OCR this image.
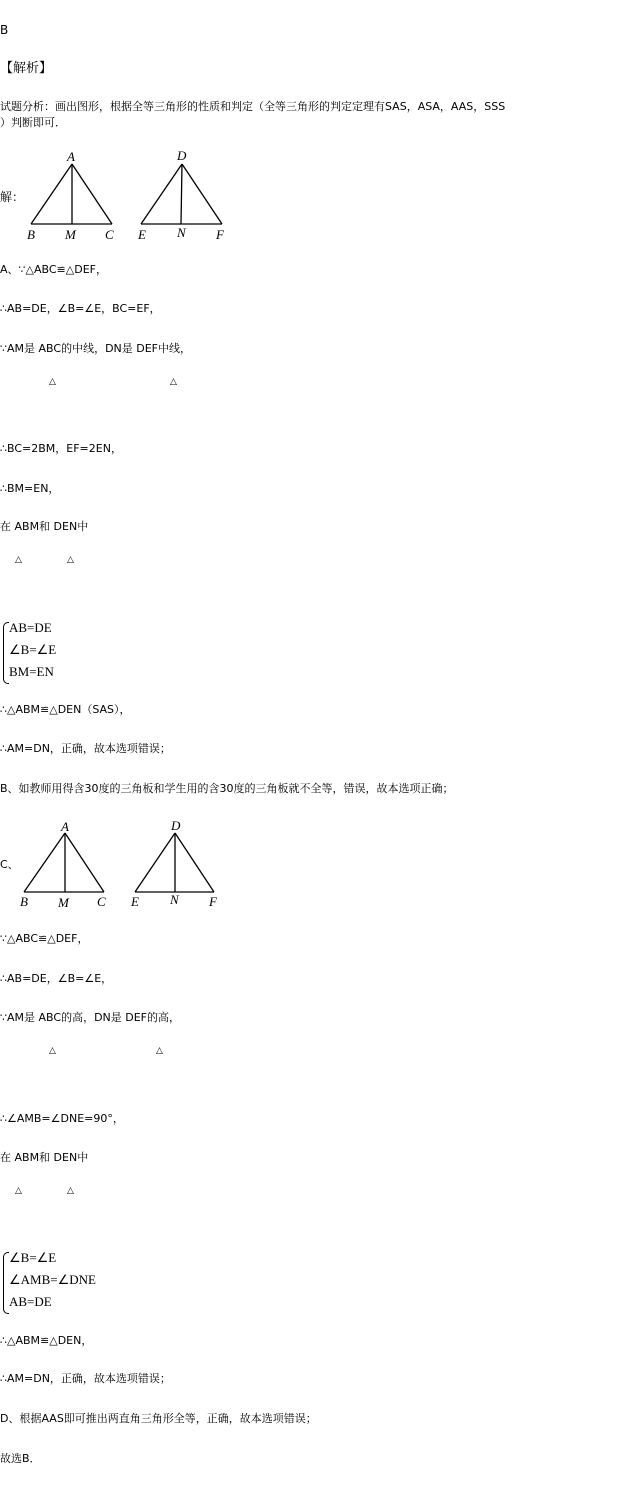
B
【解析】
试题分析：画出图形，根据全等三角形的性质和判定（全等三角形的判定定理有SAS，ASA，AAS，SSS
）判断即可．
解：
A
B M C
D
E N F
A、∵△ABC≌△DEF，
∴AB=DE，∠B=∠E，BC=EF，
∵AM是 ABC的中线，DN是 DEF中线，
△	△
∴BC=2BM，EF=2EN，
∴BM=EN，
在 ABM和 DEN中
△	△
AB=DE
∠B=∠E
BM=EN
∴△ABM≌△DEN（SAS），
∴AM=DN，正确，故本选项错误；
B、如教师用得含30度的三角板和学生用的含30度的三角板就不全等，错误，故本选项正确；
C、
A
B M C
D
E N F
∵△ABC≌△DEF，
∴AB=DE，∠B=∠E，
∵AM是 ABC的高，DN是 DEF的高，
△	△
∴∠AMB=∠DNE=90°，
在 ABM和 DEN中
△	△
∠B=∠E
∠AMB=∠DNE
AB=DE
∴△ABM≌△DEN，
∴AM=DN，正确，故本选项错误；
D、根据AAS即可推出两直角三角形全等，正确，故本选项错误；
故选B．
